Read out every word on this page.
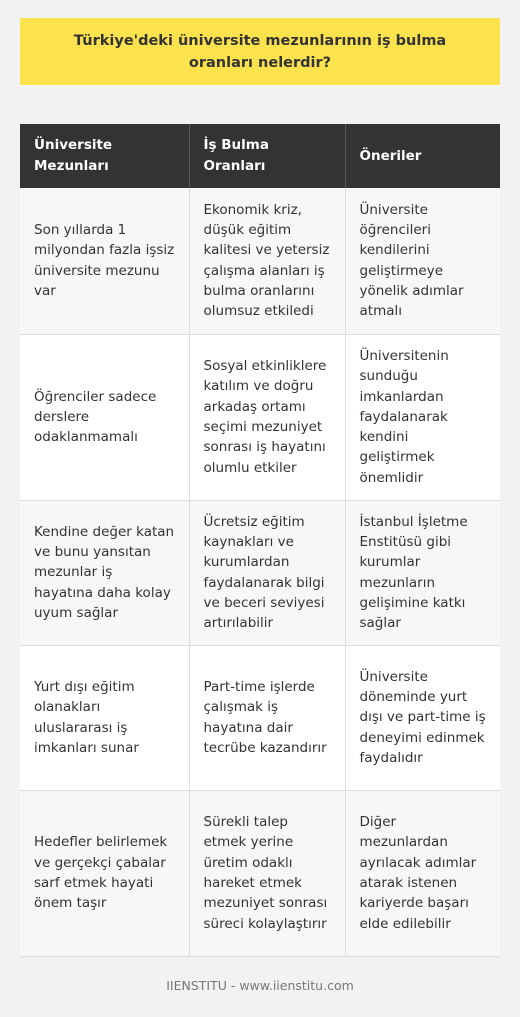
Türkiye'deki üniversite mezunlarının iş bulma oranları nelerdir?
Üniversite Mezunları	İş Bulma Oranları	Öneriler
Son yıllarda 1 milyondan fazla işsiz üniversite mezunu var	Ekonomik kriz, düşük eğitim kalitesi ve yetersiz çalışma alanları iş bulma oranlarını olumsuz etkiledi	Üniversite öğrencileri kendilerini geliştirmeye yönelik adımlar atmalı
Öğrenciler sadece derslere odaklanmamalı	Sosyal etkinliklere katılım ve doğru arkadaş ortamı seçimi mezuniyet sonrası iş hayatını olumlu etkiler	Üniversitenin sunduğu imkanlardan faydalanarak kendini geliştirmek önemlidir
Kendine değer katan ve bunu yansıtan mezunlar iş hayatına daha kolay uyum sağlar	Ücretsiz eğitim kaynakları ve kurumlardan faydalanarak bilgi ve beceri seviyesi artırılabilir	İstanbul İşletme Enstitüsü gibi kurumlar mezunların gelişimine katkı sağlar
Yurt dışı eğitim olanakları uluslararası iş imkanları sunar	Part-time işlerde çalışmak iş hayatına dair tecrübe kazandırır	Üniversite döneminde yurt dışı ve part-time iş deneyimi edinmek faydalıdır
Hedefler belirlemek ve gerçekçi çabalar sarf etmek hayati önem taşır	Sürekli talep etmek yerine üretim odaklı hareket etmek mezuniyet sonrası süreci kolaylaştırır	Diğer mezunlardan ayrılacak adımlar atarak istenen kariyerde başarı elde edilebilir
IIENSTITU - www.iienstitu.com
